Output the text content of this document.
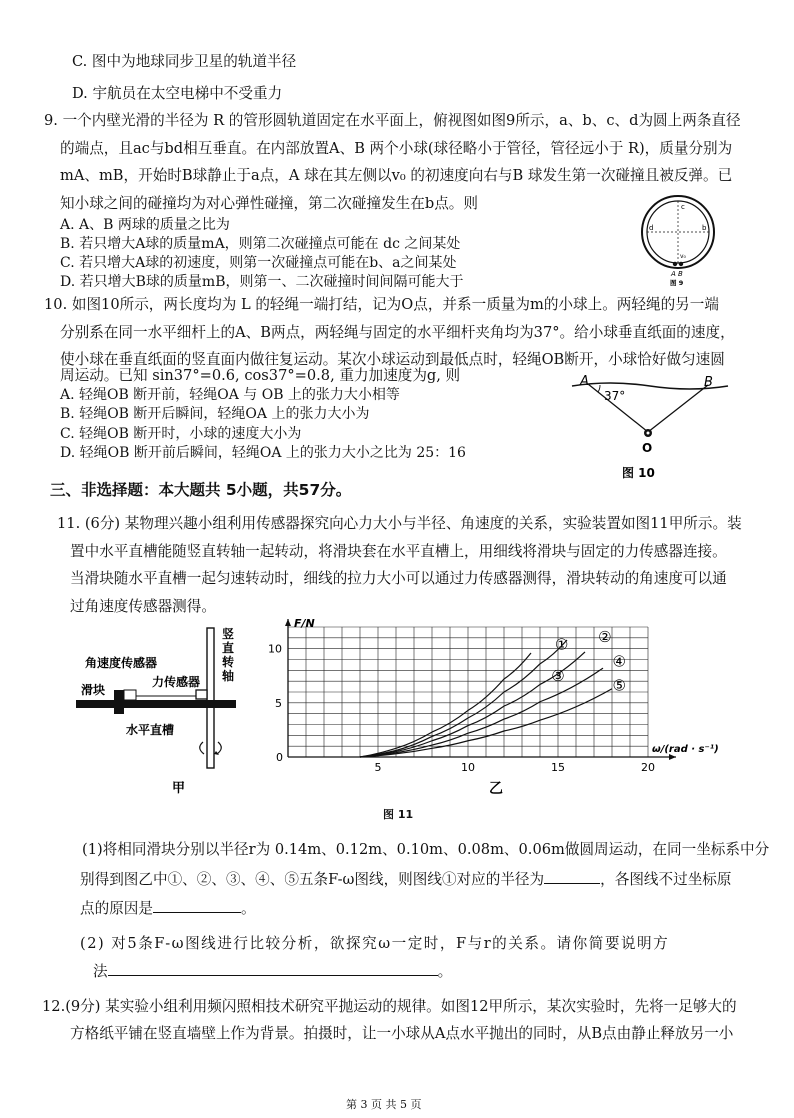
C. 图中为地球同步卫星的轨道半径
D. 宇航员在太空电梯中不受重力
9. 一个内壁光滑的半径为 R 的管形圆轨道固定在水平面上，俯视图如图9所示，a、b、c、d为圆上两条直径
的端点，且ac与bd相互垂直。在内部放置A、B 两个小球(球径略小于管径，管径远小于 R)，质量分别为
mA、mB，开始时B球静止于a点，A 球在其左侧以v₀ 的初速度向右与B 球发生第一次碰撞且被反弹。已
知小球之间的碰撞均为对心弹性碰撞，第二次碰撞发生在b点。则
A. A、B 两球的质量之比为
B. 若只增大A球的质量mA，则第二次碰撞点可能在 dc 之间某处
C. 若只增大A球的初速度，则第一次碰撞点可能在b、a之间某处
D. 若只增大B球的质量mB，则第一、二次碰撞时间间隔可能大于
c
d	b
v₀
A B
图 9
10. 如图10所示，两长度均为 L 的轻绳一端打结，记为O点，并系一质量为m的小球上。两轻绳的另一端
分别系在同一水平细杆上的A、B两点，两轻绳与固定的水平细杆夹角均为37°。给小球垂直纸面的速度，
使小球在垂直纸面的竖直面内做往复运动。某次小球运动到最低点时，轻绳OB断开，小球恰好做匀速圆
周运动。已知 sin37°=0.6, cos37°=0.8, 重力加速度为g, 则
A. 轻绳OB 断开前，轻绳OA 与 OB 上的张力大小相等
B. 轻绳OB 断开后瞬间，轻绳OA 上的张力大小为
C. 轻绳OB 断开时，小球的速度大小为
D. 轻绳OB 断开前后瞬间，轻绳OA 上的张力大小之比为 25：16
A	B
37°
O
图 10
三、非选择题：本大题共 5小题，共57分。
11. (6分) 某物理兴趣小组利用传感器探究向心力大小与半径、角速度的关系，实验装置如图11甲所示。装
置中水平直槽能随竖直转轴一起转动，将滑块套在水平直槽上，用细线将滑块与固定的力传感器连接。
当滑块随水平直槽一起匀速转动时，细线的拉力大小可以通过力传感器测得，滑块转动的角速度可以通
过角速度传感器测得。
竖
直
转
轴
角速度传感器
力传感器
滑块
水平直槽
甲
F/N
ω/(rad · s⁻¹)
0
5	10	15	20
5
10	① ②
③
④
⑤
乙
图 11
(1)将相同滑块分别以半径r为 0.14m、0.12m、0.10m、0.08m、0.06m做圆周运动，在同一坐标系中分
别得到图乙中①、②、③、④、⑤五条F-ω图线，则图线①对应的半径为	，各图线不过坐标原
点的原因是	。
(2) 对5条F-ω图线进行比较分析，欲探究ω一定时，F与r的关系。请你简要说明方
法	。
12.(9分) 某实验小组利用频闪照相技术研究平抛运动的规律。如图12甲所示，某次实验时，先将一足够大的
方格纸平铺在竖直墙壁上作为背景。拍摄时，让一小球从A点水平抛出的同时，从B点由静止释放另一小
第 3 页 共 5 页
